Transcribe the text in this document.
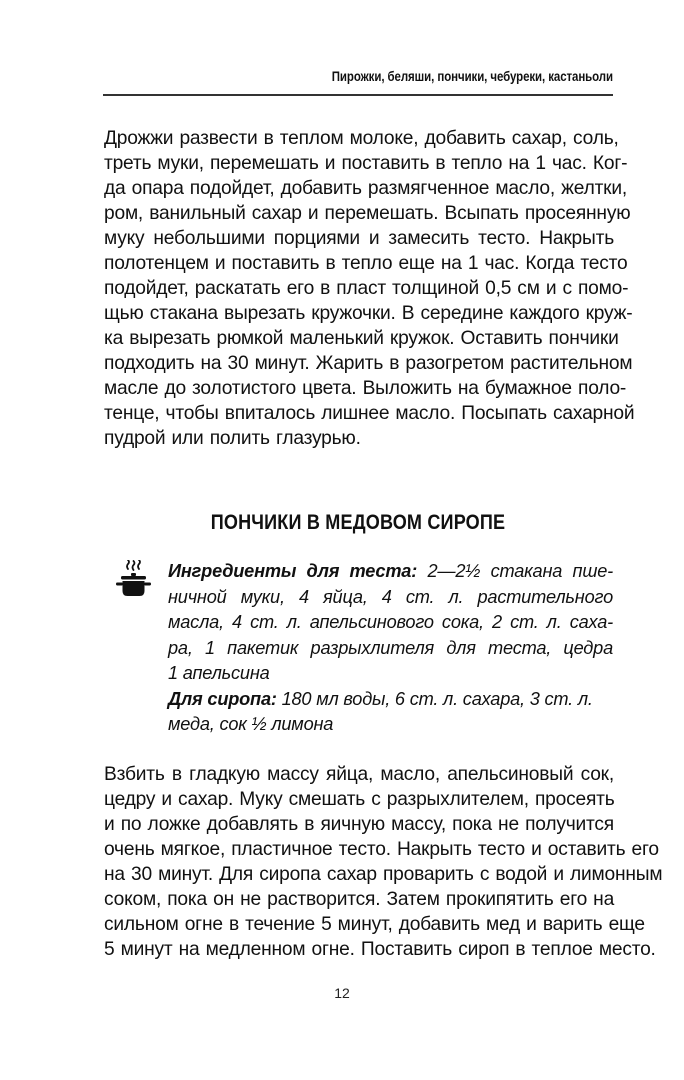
Пирожки, беляши, пончики, чебуреки, кастаньоли
Дрожжи развести в теплом молоке, добавить сахар, соль,
треть муки, перемешать и поставить в тепло на 1 час. Ког-
да опара подойдет, добавить размягченное масло, желтки,
ром, ванильный сахар и перемешать. Всыпать просеянную
муку небольшими порциями и замесить тесто. Накрыть
полотенцем и поставить в тепло еще на 1 час. Когда тесто
подойдет, раскатать его в пласт толщиной 0,5 см и с помо-
щью стакана вырезать кружочки. В середине каждого круж-
ка вырезать рюмкой маленький кружок. Оставить пончики
подходить на 30 минут. Жарить в разогретом растительном
масле до золотистого цвета. Выложить на бумажное поло-
тенце, чтобы впиталось лишнее масло. Посыпать сахарной
пудрой или полить глазурью.
ПОНЧИКИ В МЕДОВОМ СИРОПЕ
Ингредиенты для теста: 2—2½ стакана пше-
ничной муки, 4 яйца, 4 ст. л. растительного
масла, 4 ст. л. апельсинового сока, 2 ст. л. саха-
ра, 1 пакетик разрыхлителя для теста, цедра
1 апельсина
Для сиропа: 180 мл воды, 6 ст. л. сахара, 3 ст. л.
меда, сок ½ лимона
Взбить в гладкую массу яйца, масло, апельсиновый сок,
цедру и сахар. Муку смешать с разрыхлителем, просеять
и по ложке добавлять в яичную массу, пока не получится
очень мягкое, пластичное тесто. Накрыть тесто и оставить его
на 30 минут. Для сиропа сахар проварить с водой и лимонным
соком, пока он не растворится. Затем прокипятить его на
сильном огне в течение 5 минут, добавить мед и варить еще
5 минут на медленном огне. Поставить сироп в теплое место.
12
